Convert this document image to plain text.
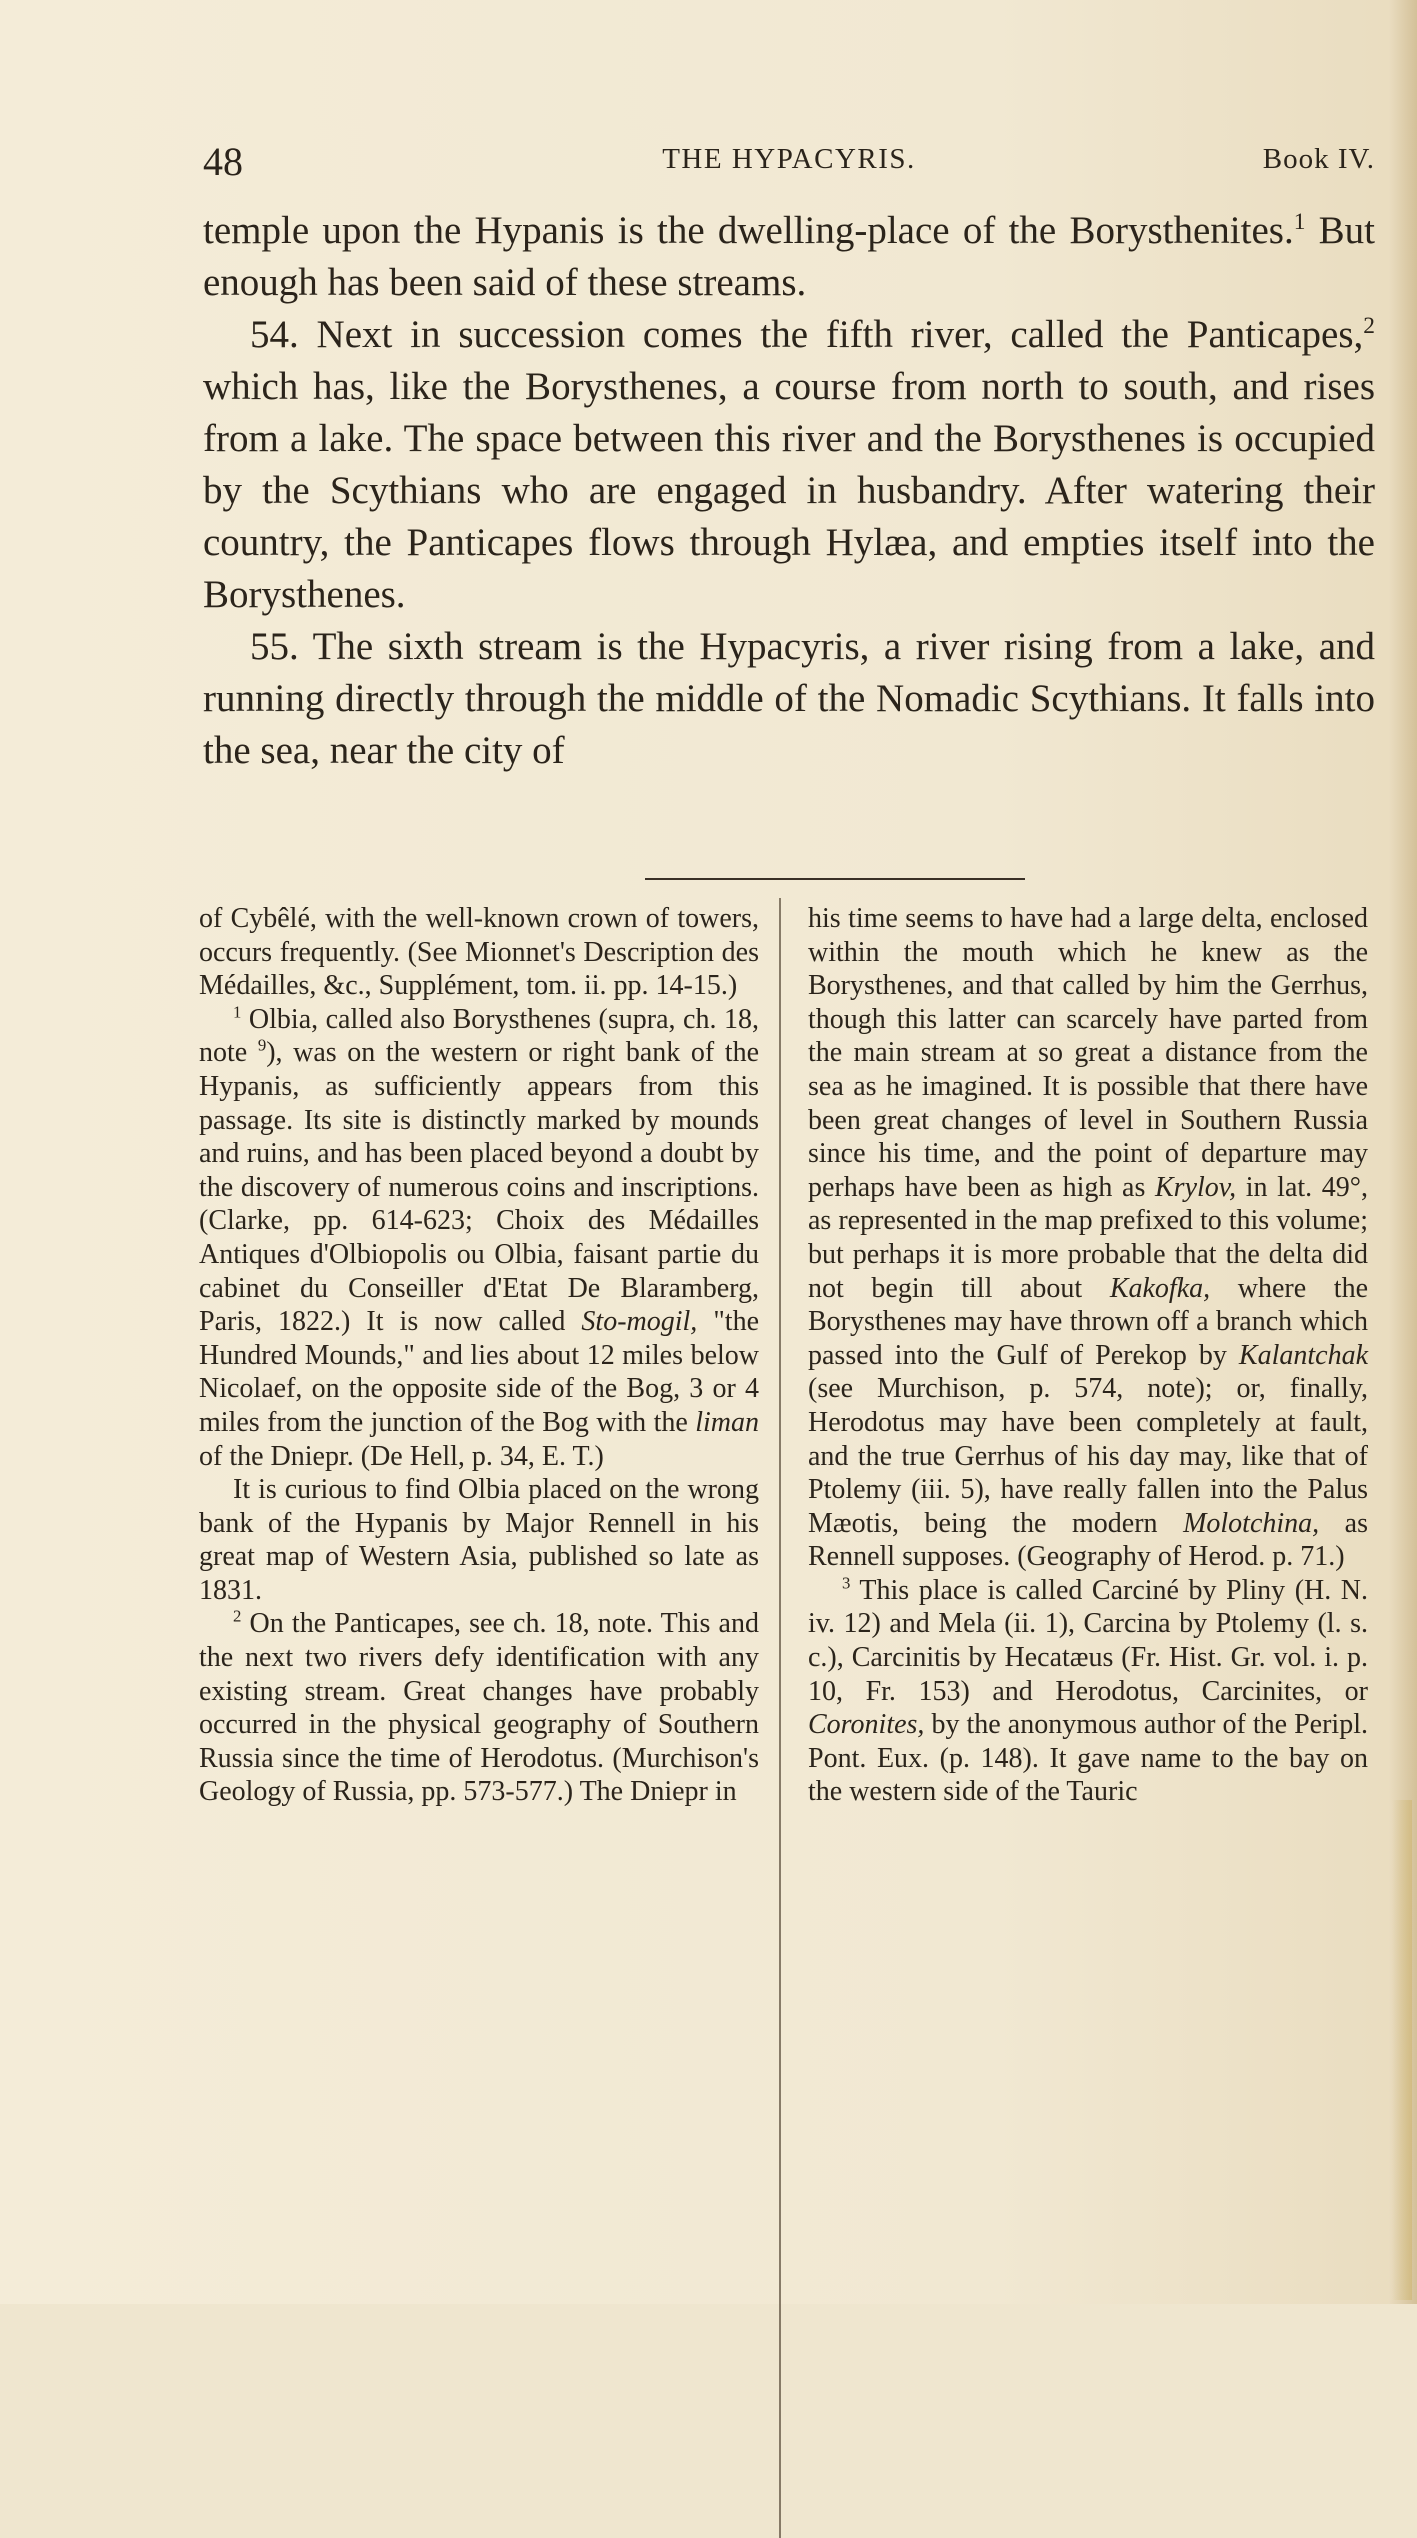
48	THE HYPACYRIS.	Book IV.

temple upon the Hypanis is the dwelling-place of the Borysthenites.$^1$ But enough has been said of these streams.

54. Next in succession comes the fifth river, called the Panticapes,$^2$ which has, like the Borysthenes, a course from north to south, and rises from a lake. The space between this river and the Borysthenes is occupied by the Scythians who are engaged in husbandry. After watering their country, the Panticapes flows through Hylæa, and empties itself into the Borysthenes.

55. The sixth stream is the Hypacyris, a river rising from a lake, and running directly through the middle of the Nomadic Scythians. It falls into the sea, near the city of

of Cybêlé, with the well-known crown of towers, occurs frequently. (See Mionnet's Description des Médailles, &c., Supplément, tom. ii. pp. 14-15.)

$^1$ Olbia, called also Borysthenes (supra, ch. 18, note $^9$), was on the western or right bank of the Hypanis, as sufficiently appears from this passage. Its site is distinctly marked by mounds and ruins, and has been placed beyond a doubt by the discovery of numerous coins and inscriptions. (Clarke, pp. 614-623; Choix des Médailles Antiques d'Olbiopolis ou Olbia, faisant partie du cabinet du Conseiller d'Etat De Blaramberg, Paris, 1822.) It is now called Sto-mogil, "the Hundred Mounds," and lies about 12 miles below Nicolaef, on the opposite side of the Bog, 3 or 4 miles from the junction of the Bog with the liman of the Dniepr. (De Hell, p. 34, E. T.)

It is curious to find Olbia placed on the wrong bank of the Hypanis by Major Rennell in his great map of Western Asia, published so late as 1831.

$^2$ On the Panticapes, see ch. 18, note. This and the next two rivers defy identification with any existing stream. Great changes have probably occurred in the physical geography of Southern Russia since the time of Herodotus. (Murchison's Geology of Russia, pp. 573-577.) The Dniepr in

his time seems to have had a large delta, enclosed within the mouth which he knew as the Borysthenes, and that called by him the Gerrhus, though this latter can scarcely have parted from the main stream at so great a distance from the sea as he imagined. It is possible that there have been great changes of level in Southern Russia since his time, and the point of departure may perhaps have been as high as Krylov, in lat. 49°, as represented in the map prefixed to this volume; but perhaps it is more probable that the delta did not begin till about Kakofka, where the Borysthenes may have thrown off a branch which passed into the Gulf of Perekop by Kalantchak (see Murchison, p. 574, note); or, finally, Herodotus may have been completely at fault, and the true Gerrhus of his day may, like that of Ptolemy (iii. 5), have really fallen into the Palus Mæotis, being the modern Molotchina, as Rennell supposes. (Geography of Herod. p. 71.)

$^3$ This place is called Carciné by Pliny (H. N. iv. 12) and Mela (ii. 1), Carcina by Ptolemy (l. s. c.), Carcinitis by Hecatæus (Fr. Hist. Gr. vol. i. p. 10, Fr. 153) and Herodotus, Carcinites, or Coronites, by the anonymous author of the Peripl. Pont. Eux. (p. 148). It gave name to the bay on the western side of the Tauric
